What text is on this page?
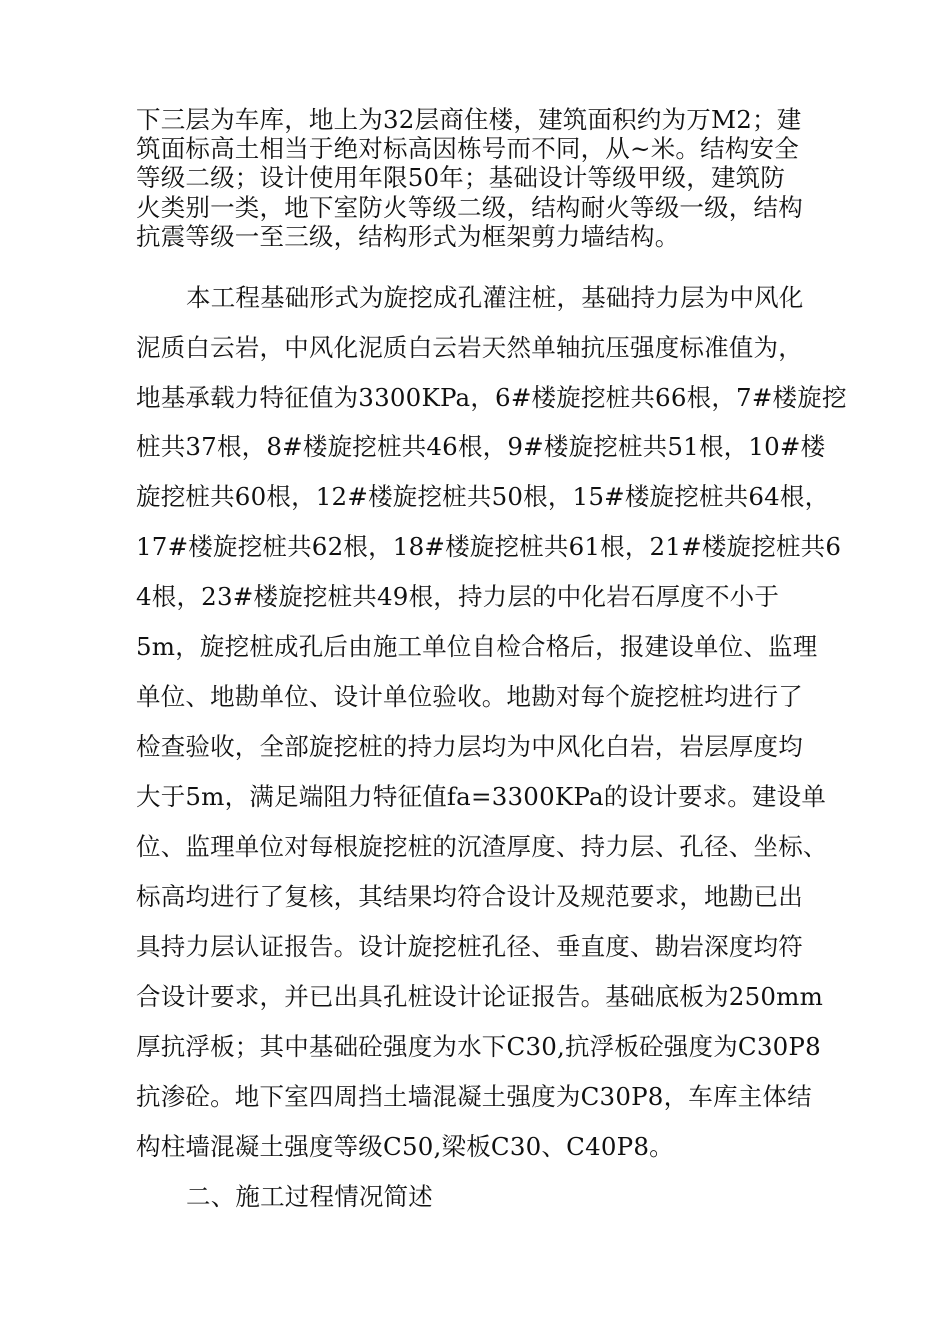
下三层为车库，地上为32层商住楼，建筑面积约为万M2；建
筑面标高土相当于绝对标高因栋号而不同，从~米。结构安全
等级二级；设计使用年限50年；基础设计等级甲级，建筑防
火类别一类，地下室防火等级二级，结构耐火等级一级，结构
抗震等级一至三级，结构形式为框架剪力墙结构。
本工程基础形式为旋挖成孔灌注桩，基础持力层为中风化
泥质白云岩，中风化泥质白云岩天然单轴抗压强度标准值为，
地基承载力特征值为3300KPa，6#楼旋挖桩共66根，7#楼旋挖
桩共37根，8#楼旋挖桩共46根，9#楼旋挖桩共51根，10#楼
旋挖桩共60根，12#楼旋挖桩共50根，15#楼旋挖桩共64根，
17#楼旋挖桩共62根，18#楼旋挖桩共61根，21#楼旋挖桩共6
4根，23#楼旋挖桩共49根，持力层的中化岩石厚度不小于
5m，旋挖桩成孔后由施工单位自检合格后，报建设单位、监理
单位、地勘单位、设计单位验收。地勘对每个旋挖桩均进行了
检查验收，全部旋挖桩的持力层均为中风化白岩，岩层厚度均
大于5m，满足端阻力特征值fa=3300KPa的设计要求。建设单
位、监理单位对每根旋挖桩的沉渣厚度、持力层、孔径、坐标、
标高均进行了复核，其结果均符合设计及规范要求，地勘已出
具持力层认证报告。设计旋挖桩孔径、垂直度、勘岩深度均符
合设计要求，并已出具孔桩设计论证报告。基础底板为250mm
厚抗浮板；其中基础砼强度为水下C30,抗浮板砼强度为C30P8
抗渗砼。地下室四周挡土墙混凝土强度为C30P8，车库主体结
构柱墙混凝土强度等级C50,梁板C30、C40P8。
二、施工过程情况简述
